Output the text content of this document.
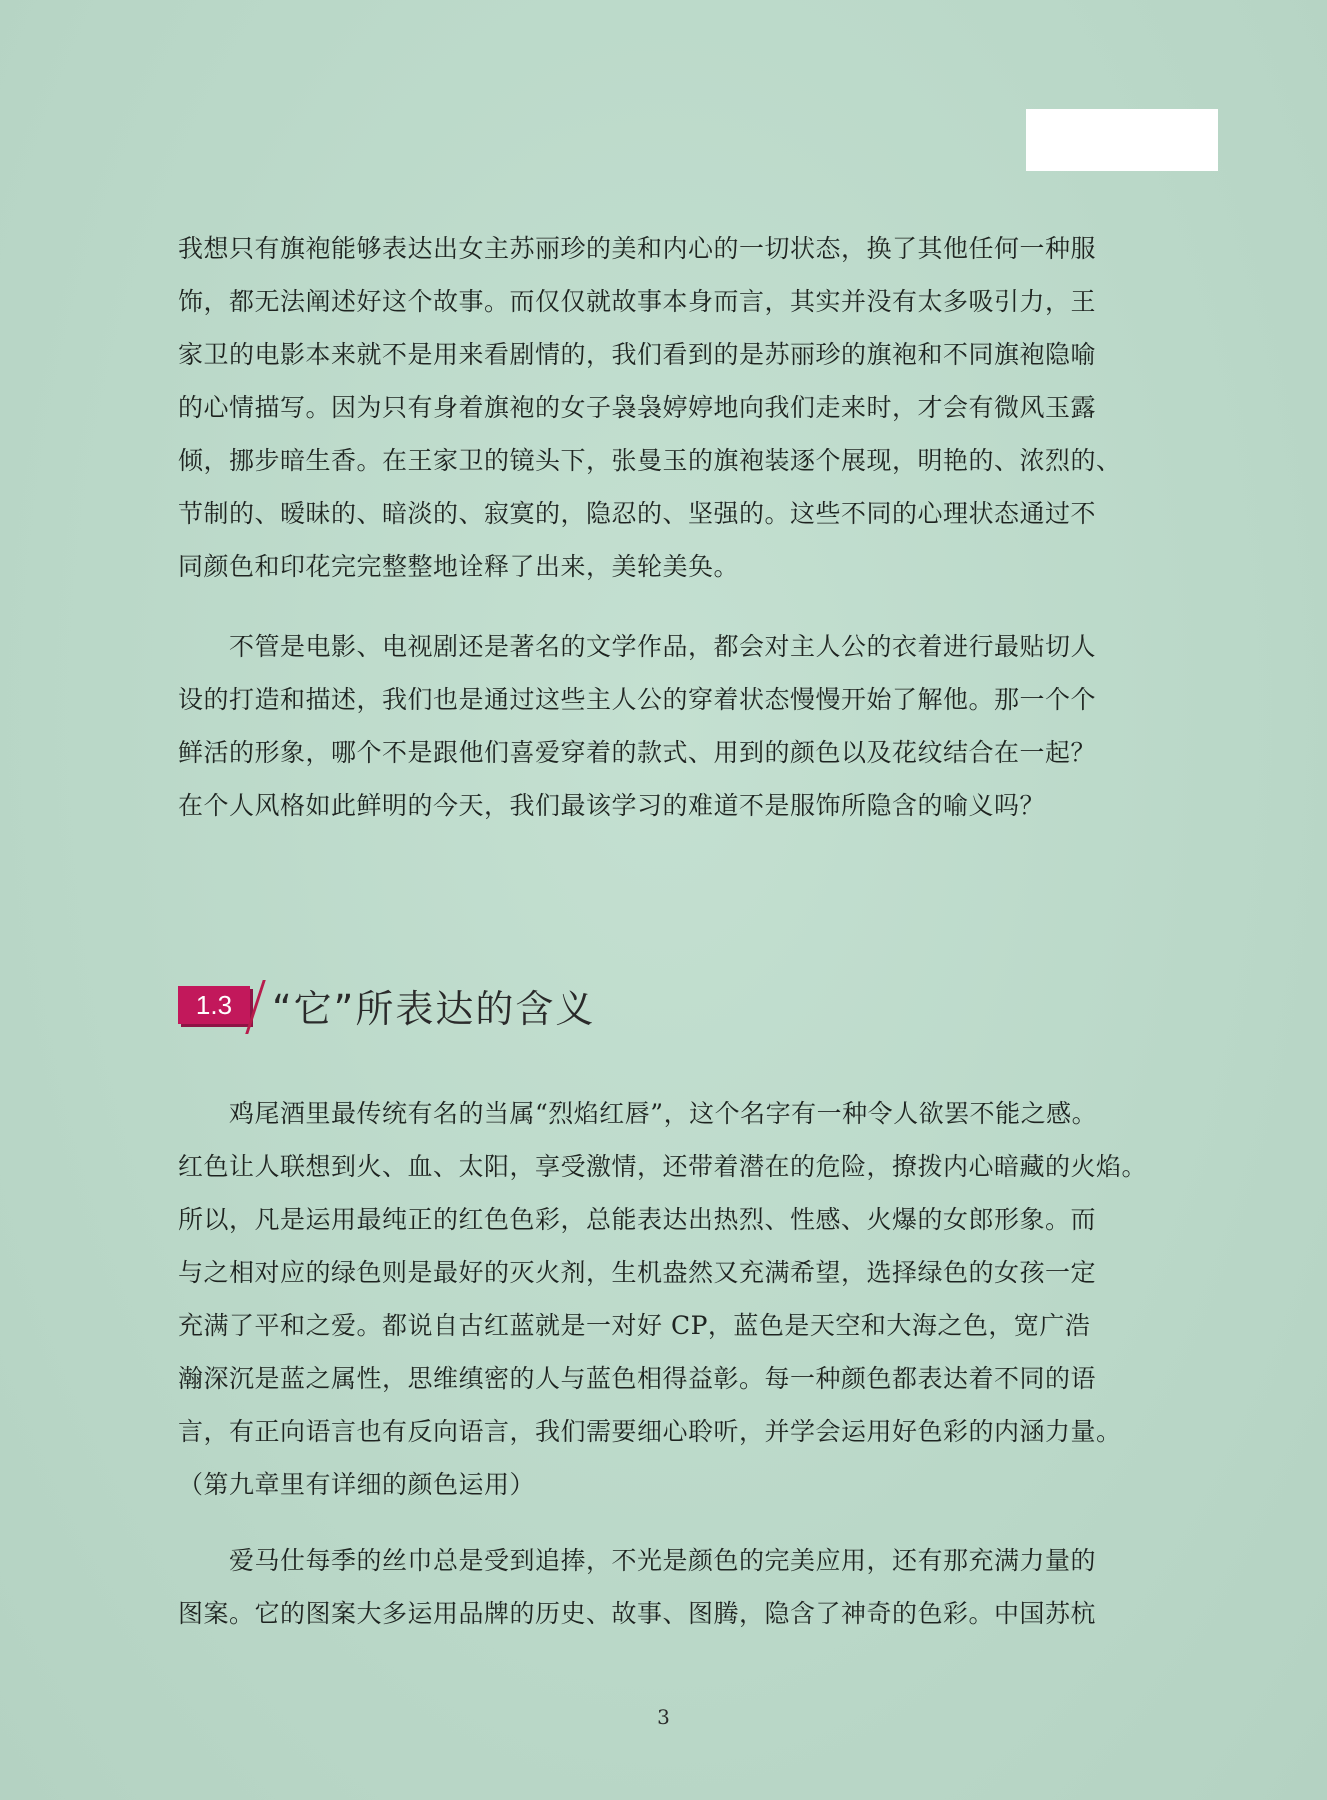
我想只有旗袍能够表达出女主苏丽珍的美和内心的一切状态，换了其他任何一种服
饰，都无法阐述好这个故事。而仅仅就故事本身而言，其实并没有太多吸引力，王
家卫的电影本来就不是用来看剧情的，我们看到的是苏丽珍的旗袍和不同旗袍隐喻
的心情描写。因为只有身着旗袍的女子袅袅婷婷地向我们走来时，才会有微风玉露
倾，挪步暗生香。在王家卫的镜头下，张曼玉的旗袍装逐个展现，明艳的、浓烈的、
节制的、暧昧的、暗淡的、寂寞的，隐忍的、坚强的。这些不同的心理状态通过不
同颜色和印花完完整整地诠释了出来，美轮美奂。
　　不管是电影、电视剧还是著名的文学作品，都会对主人公的衣着进行最贴切人
设的打造和描述，我们也是通过这些主人公的穿着状态慢慢开始了解他。那一个个
鲜活的形象，哪个不是跟他们喜爱穿着的款式、用到的颜色以及花纹结合在一起？
在个人风格如此鲜明的今天，我们最该学习的难道不是服饰所隐含的喻义吗？
1.3	“它”所表达的含义
　　鸡尾酒里最传统有名的当属“烈焰红唇”，这个名字有一种令人欲罢不能之感。
红色让人联想到火、血、太阳，享受激情，还带着潜在的危险，撩拨内心暗藏的火焰。
所以，凡是运用最纯正的红色色彩，总能表达出热烈、性感、火爆的女郎形象。而
与之相对应的绿色则是最好的灭火剂，生机盎然又充满希望，选择绿色的女孩一定
充满了平和之爱。都说自古红蓝就是一对好 CP，蓝色是天空和大海之色，宽广浩
瀚深沉是蓝之属性，思维缜密的人与蓝色相得益彰。每一种颜色都表达着不同的语
言，有正向语言也有反向语言，我们需要细心聆听，并学会运用好色彩的内涵力量。
（第九章里有详细的颜色运用）
　　爱马仕每季的丝巾总是受到追捧，不光是颜色的完美应用，还有那充满力量的
图案。它的图案大多运用品牌的历史、故事、图腾，隐含了神奇的色彩。中国苏杭
3
